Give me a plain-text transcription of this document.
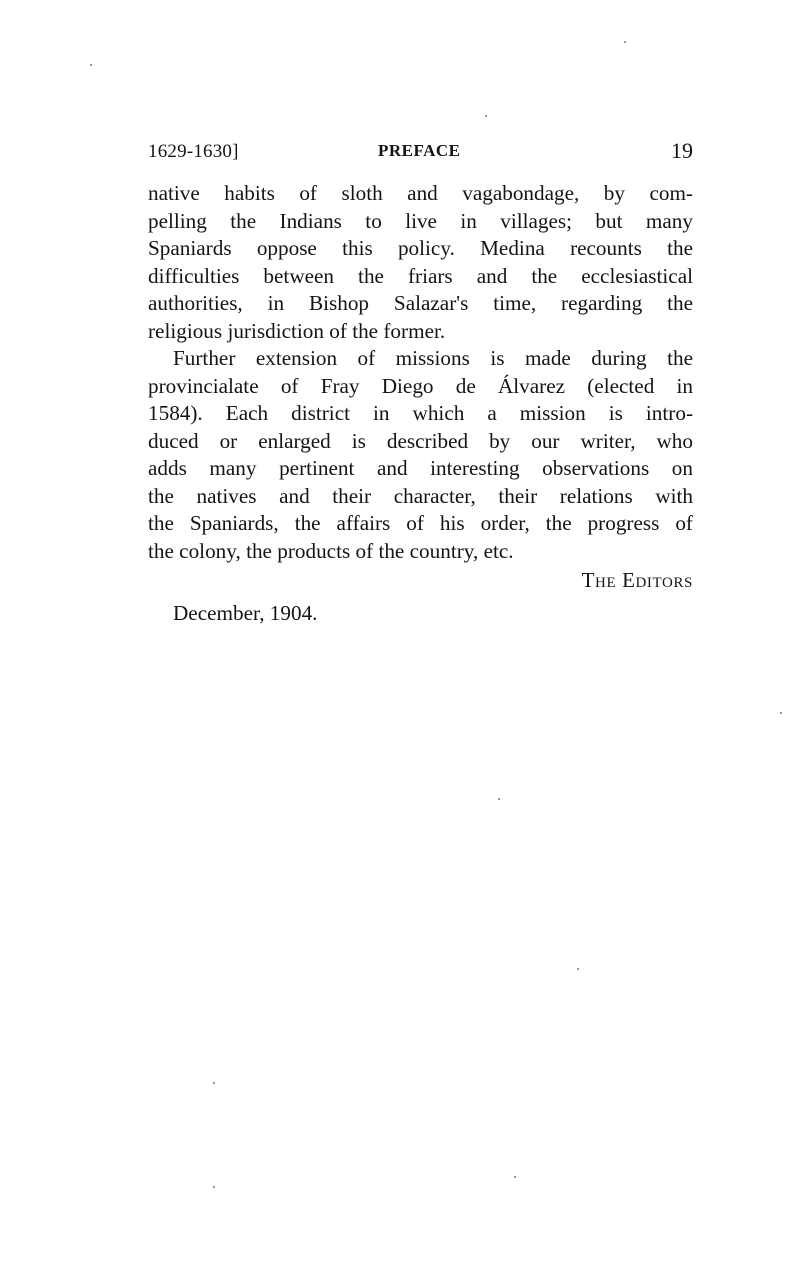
1629-1630]	PREFACE	19
native habits of sloth and vagabondage, by com-
pelling the Indians to live in villages; but many
Spaniards oppose this policy. Medina recounts the
difficulties between the friars and the ecclesiastical
authorities, in Bishop Salazar's time, regarding the
religious jurisdiction of the former.
Further extension of missions is made during the
provincialate of Fray Diego de Álvarez (elected in
1584). Each district in which a mission is intro-
duced or enlarged is described by our writer, who
adds many pertinent and interesting observations on
the natives and their character, their relations with
the Spaniards, the affairs of his order, the progress of
the colony, the products of the country, etc.
The Editors
December, 1904.
